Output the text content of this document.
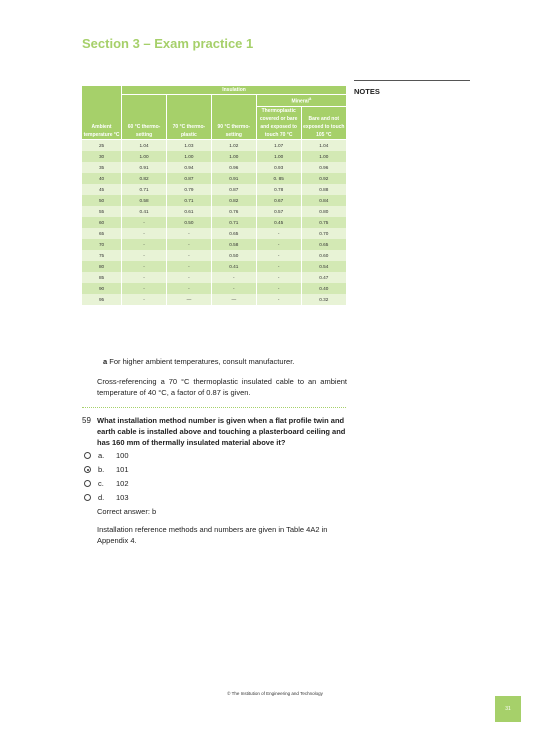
Section 3 – Exam practice 1
NOTES
Ambient temperature °C	Insulation				
	60 °C thermo-setting	70 °C thermo-plastic	90 °C thermo-setting	Mineral$^a$
				Thermoplastic covered or bare and exposed to touch 70 °C	Bare and not exposed to touch 105 °C
25	1.04	1.03	1.02	1.07	1.04
30	1.00	1.00	1.00	1.00	1.00
35	0.91	0.94	0.96	0.93	0.96
40	0.82	0.87	0.91	0. 85	0.92
45	0.71	0.79	0.87	0.78	0.88
50	0.58	0.71	0.82	0.67	0.84
55	0.41	0.61	0.76	0.57	0.80
60	-	0.50	0.71	0.45	0.75
65	-	-	0.65	-	0.70
70	-	-	0.58	-	0.65
75	-	-	0.50	-	0.60
80	-	-	0.41	-	0.54
85	-	-	-	-	0.47
90	-	-	-	-	0.40
95	-	—	—	-	0.32
a For higher ambient temperatures, consult manufacturer.
Cross-referencing a 70 °C thermoplastic insulated cable to an ambient temperature of 40 °C, a factor of 0.87 is given.
59 What installation method number is given when a flat profile twin and earth cable is installed above and touching a plasterboard ceiling and has 160 mm of thermally insulated material above it?
a. 100
b. 101
c. 102
d. 103
Correct answer: b
Installation reference methods and numbers are given in Table 4A2 in Appendix 4.
© The Institution of Engineering and Technology
31
